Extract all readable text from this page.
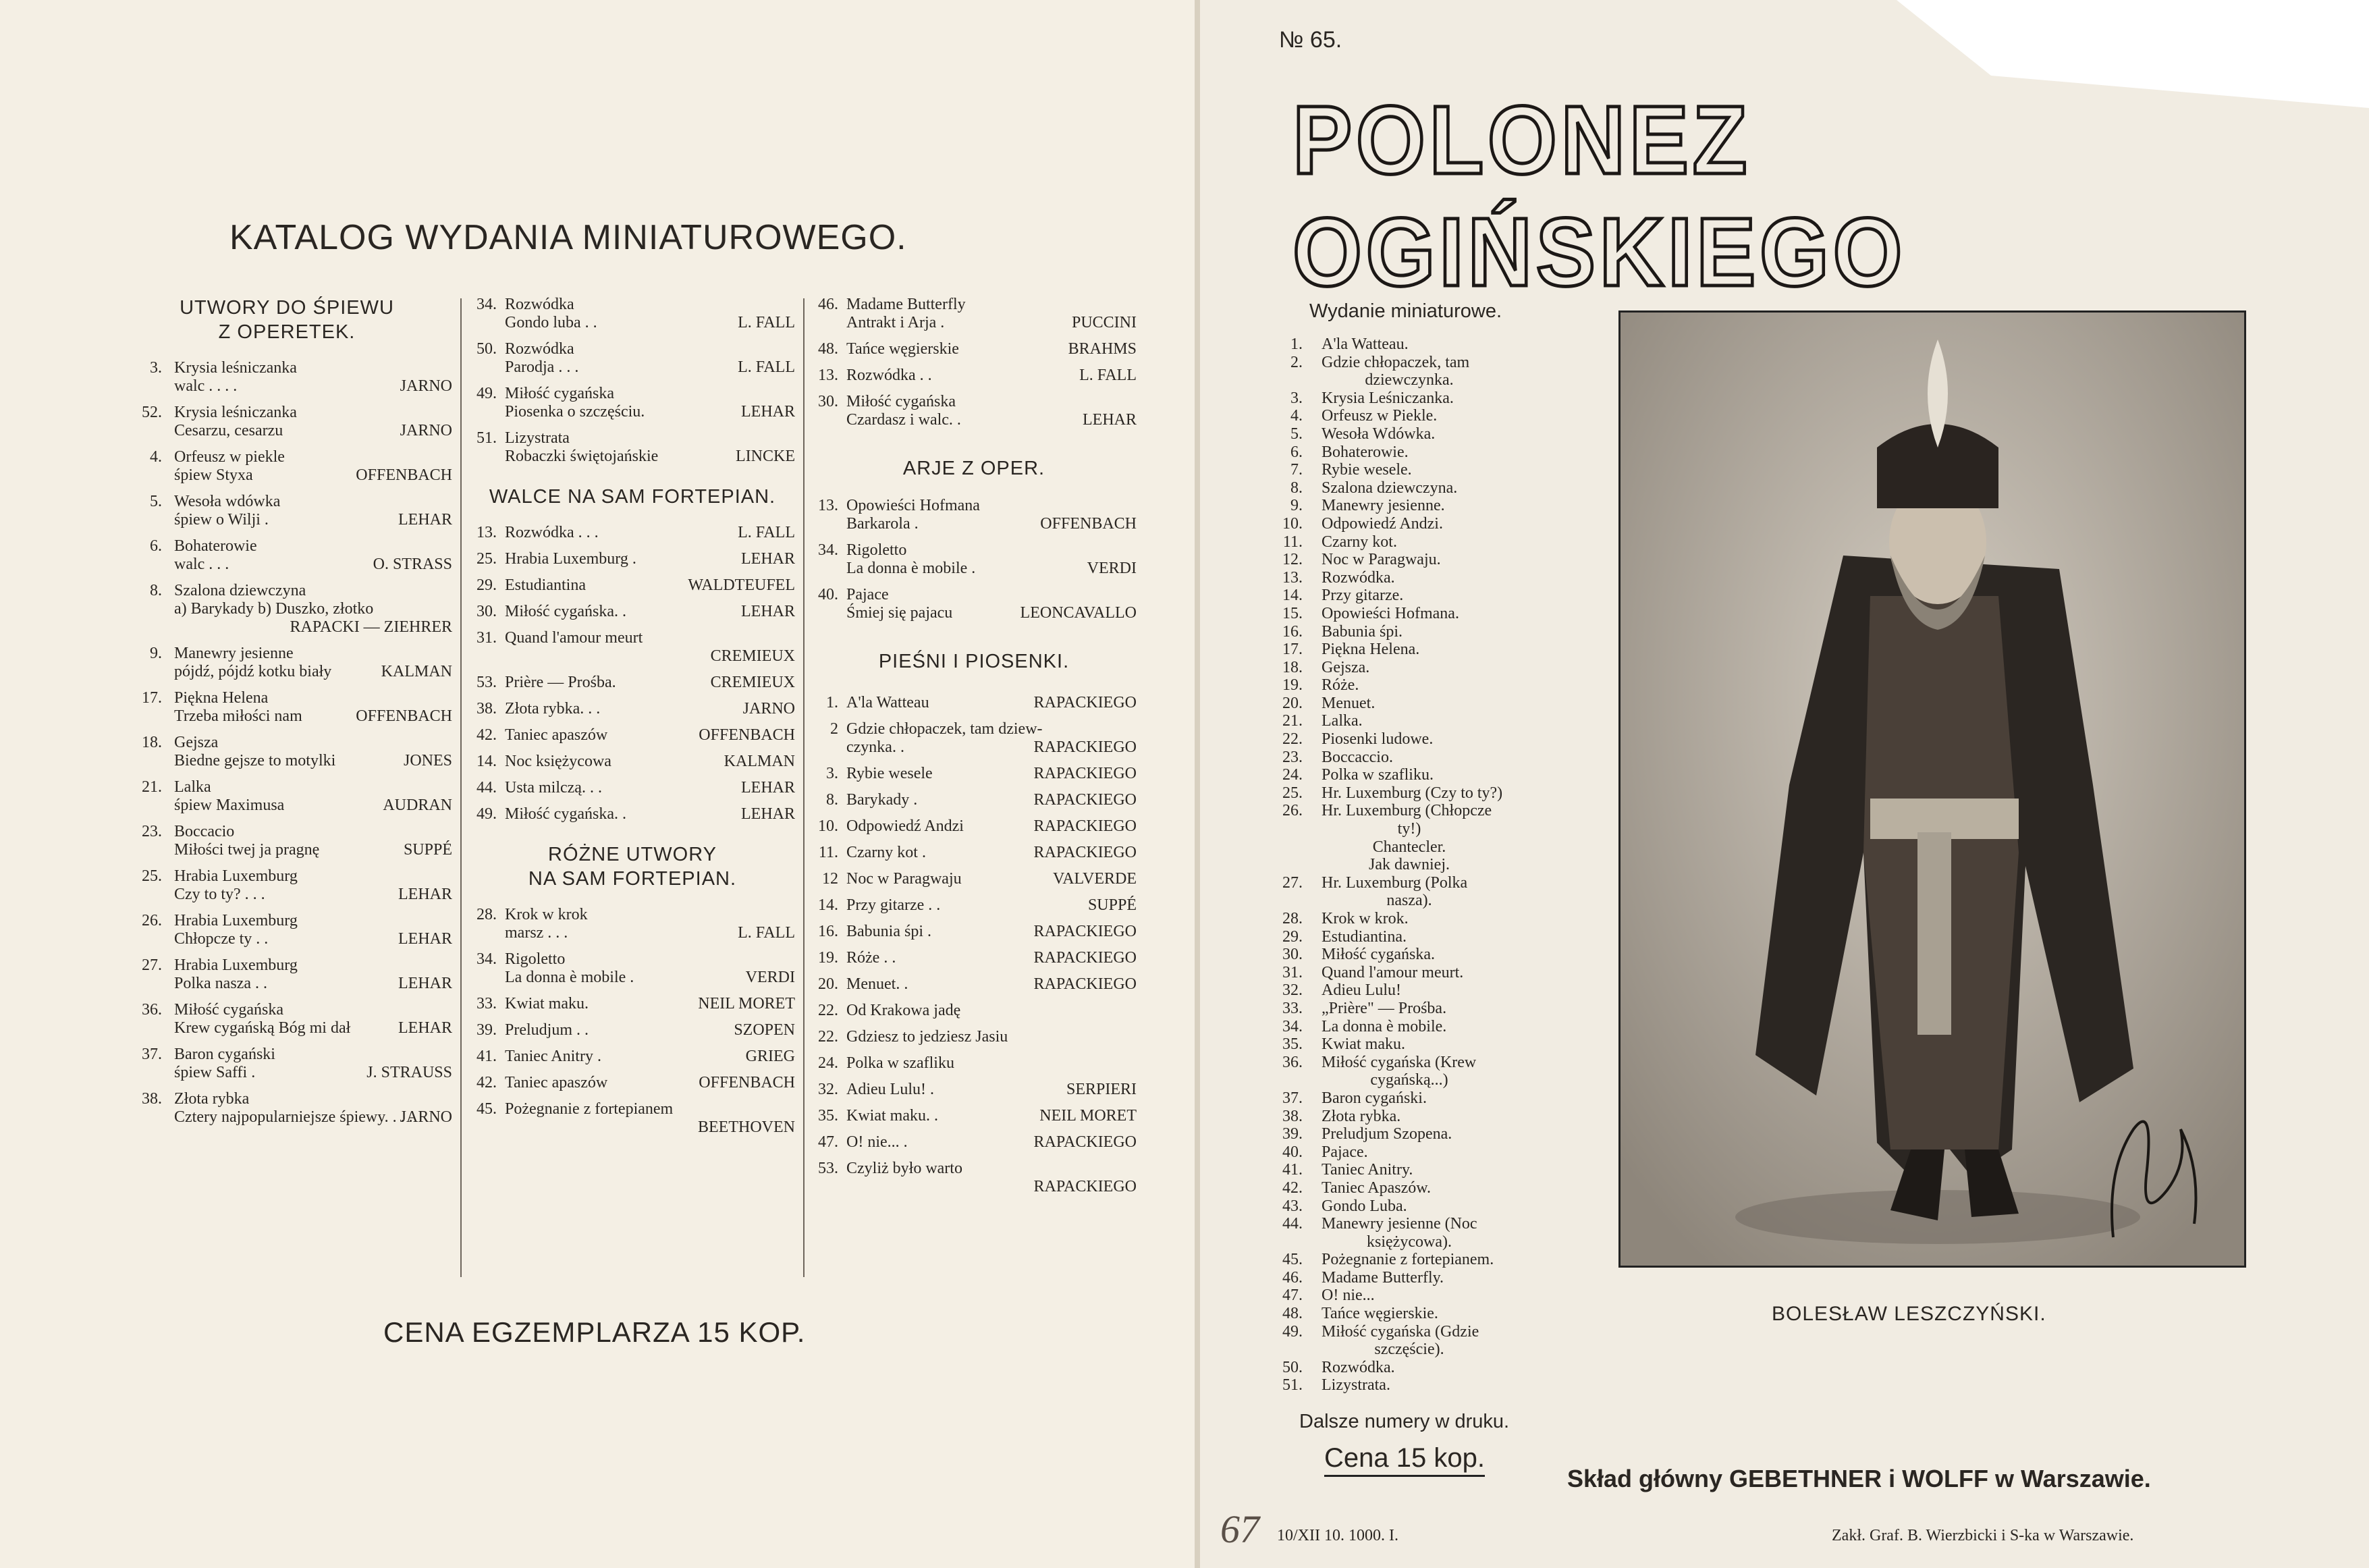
KATALOG WYDANIA MINIATUROWEGO.
UTWORY DO ŚPIEWU
Z OPERETEK.
3. Krysia leśniczanka
walc . . . .	JARNO
52. Krysia leśniczanka
Cesarzu, cesarzu	JARNO
4. Orfeusz w piekle
śpiew Styxa	OFFENBACH
5. Wesoła wdówka
śpiew o Wilji .	LEHAR
6. Bohaterowie
walc . . .	O. STRASS
8. Szalona dziewczyna
a) Barykady b) Duszko, złotko
RAPACKI — ZIEHRER
9. Manewry jesienne
pójdź, pójdź kotku biały	KALMAN
17. Piękna Helena
Trzeba miłości nam	OFFENBACH
18. Gejsza
Biedne gejsze to motylki	JONES
21. Lalka
śpiew Maximusa	AUDRAN
23. Boccacio
Miłości twej ja pragnę	SUPPÉ
25. Hrabia Luxemburg
Czy to ty? . . .	LEHAR
26. Hrabia Luxemburg
Chłopcze ty . .	LEHAR
27. Hrabia Luxemburg
Polka nasza . .	LEHAR
36. Miłość cygańska
Krew cygańską Bóg mi dał	LEHAR
37. Baron cygański
śpiew Saffi .	J. STRAUSS
38. Złota rybka
Cztery najpopularniejsze śpiewy. . . .
JARNO
34. Rozwódka
Gondo luba . .	L. FALL
50. Rozwódka
Parodja . . .	L. FALL
49. Miłość cygańska
Piosenka o szczęściu.	LEHAR
51. Lizystrata
Robaczki świętojańskie	LINCKE
WALCE NA SAM FORTEPIAN.
13. Rozwódka . . .	L. FALL
25. Hrabia Luxemburg .	LEHAR
29. Estudiantina	WALDTEUFEL
30. Miłość cygańska. .	LEHAR
31. Quand l'amour meurt
CREMIEUX
53. Prière — Prośba.	CREMIEUX
38. Złota rybka. . .	JARNO
42. Taniec apaszów	OFFENBACH
14. Noc księżycowa	KALMAN
44. Usta milczą. . .	LEHAR
49. Miłość cygańska. .	LEHAR
RÓŻNE UTWORY
NA SAM FORTEPIAN.
28. Krok w krok
marsz . . .	L. FALL
34. Rigoletto
La donna è mobile .	VERDI
33. Kwiat maku.	NEIL MORET
39. Preludjum . .	SZOPEN
41. Taniec Anitry .	GRIEG
42. Taniec apaszów	OFFENBACH
45. Pożegnanie z fortepianem
BEETHOVEN
46. Madame Butterfly
Antrakt i Arja .	PUCCINI
48. Tańce węgierskie	BRAHMS
13. Rozwódka . .	L. FALL
30. Miłość cygańska
Czardasz i walc. .	LEHAR
ARJE Z OPER.
13. Opowieści Hofmana
Barkarola .	OFFENBACH
34. Rigoletto
La donna è mobile .	VERDI
40. Pajace
Śmiej się pajacu	LEONCAVALLO
PIEŚNI I PIOSENKI.
1. A'la Watteau	RAPACKIEGO
2 Gdzie chłopaczek, tam dziew-
czynka. .	RAPACKIEGO
3. Rybie wesele	RAPACKIEGO
8. Barykady .	RAPACKIEGO
10. Odpowiedź Andzi	RAPACKIEGO
11. Czarny kot .	RAPACKIEGO
12 Noc w Paragwaju	VALVERDE
14. Przy gitarze . .	SUPPÉ
16. Babunia śpi .	RAPACKIEGO
19. Róże . .	RAPACKIEGO
20. Menuet. .	RAPACKIEGO
22. Od Krakowa jadę
22. Gdziesz to jedziesz Jasiu
24. Polka w szafliku
32. Adieu Lulu! .	SERPIERI
35. Kwiat maku. .	NEIL MORET
47. O! nie... .	RAPACKIEGO
53. Czyliż było warto
RAPACKIEGO
CENA EGZEMPLARZA 15 KOP.
№ 65.
POLONEZ OGIŃSKIEGO
Wydanie miniaturowe.
1. A'la Watteau.
2. Gdzie chłopaczek, tam
dziewczynka.
3. Krysia Leśniczanka.
4. Orfeusz w Piekle.
5. Wesoła Wdówka.
6. Bohaterowie.
7. Rybie wesele.
8. Szalona dziewczyna.
9. Manewry jesienne.
10. Odpowiedź Andzi.
11. Czarny kot.
12. Noc w Paragwaju.
13. Rozwódka.
14. Przy gitarze.
15. Opowieści Hofmana.
16. Babunia śpi.
17. Piękna Helena.
18. Gejsza.
19. Róże.
20. Menuet.
21. Lalka.
22. Piosenki ludowe.
23. Boccaccio.
24. Polka w szafliku.
25. Hr. Luxemburg (Czy to ty?)
26. Hr. Luxemburg (Chłopcze
ty!)
Chantecler.
Jak dawniej.
27. Hr. Luxemburg (Polka
nasza).
28. Krok w krok.
29. Estudiantina.
30. Miłość cygańska.
31. Quand l'amour meurt.
32. Adieu Lulu!
33. „Prière" — Prośba.
34. La donna è mobile.
35. Kwiat maku.
36. Miłość cygańska (Krew
cygańską...)
37. Baron cygański.
38. Złota rybka.
39. Preludjum Szopena.
40. Pajace.
41. Taniec Anitry.
42. Taniec Apaszów.
43. Gondo Luba.
44. Manewry jesienne (Noc
księżycowa).
45. Pożegnanie z fortepianem.
46. Madame Butterfly.
47. O! nie...
48. Tańce węgierskie.
49. Miłość cygańska (Gdzie
szczęście).
50. Rozwódka.
51. Lizystrata.
BOLESŁAW LESZCZYŃSKI.
Dalsze numery w druku.
Cena 15 kop.
Skład główny GEBETHNER i WOLFF w Warszawie.
10/XII 10. 1000. I.	Zakł. Graf. B. Wierzbicki i S-ka w Warszawie.
67
